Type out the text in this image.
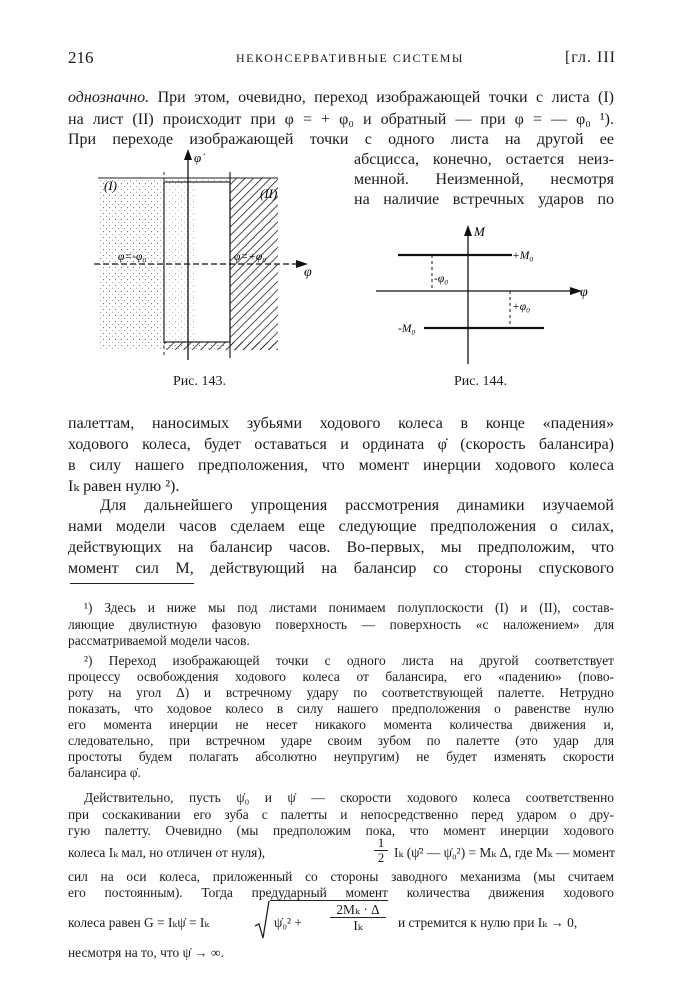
216	НЕКОНСЕРВАТИВНЫЕ СИСТЕМЫ	[гл. III
однозначно. При этом, очевидно, переход изображающей точки с листа (I)
на лист (II) происходит при φ = + φ₀ и обратный — при φ = — φ₀ ¹).
При переходе изображающей точки с одного листа на другой ее
абсцисса, конечно, остается неиз-
менной. Неизменной, несмотря
на наличие встречных ударов по
φ̇
(I)
(II)
φ=-φ₀	φ=+φ₀
φ
Рис. 143.
M
+M₀
-M₀
-φ₀
+φ₀
φ
Рис. 144.
палеттам, наносимых зубьями ходового колеса в конце «падения»
ходового колеса, будет оставаться и ордината φ̇ (скорость балансира)
в силу нашего предположения, что момент инерции ходового колеса
Iₖ равен нулю ²).
Для дальнейшего упрощения рассмотрения динамики изучаемой
нами модели часов сделаем еще следующие предположения о силах,
действующих на балансир часов. Во-первых, мы предположим, что
момент сил M, действующий на балансир со стороны спускового
¹) Здесь и ниже мы под листами понимаем полуплоскости (I) и (II), состав-
ляющие двулистную фазовую поверхность — поверхность «с наложением» для
рассматриваемой модели часов.
²) Переход изображающей точки с одного листа на другой соответствует
процессу освобождения ходового колеса от балансира, его «падению» (пово-
роту на угол Δ) и встречному удару по соответствующей палетте. Нетрудно
показать, что ходовое колесо в силу нашего предположения о равенстве нулю
его момента инерции не несет никакого момента количества движения и,
следовательно, при встречном ударе своим зубом по палетте (это удар для
простоты будем полагать абсолютно неупругим) не будет изменять скорости
балансира φ̇.
Действительно, пусть ψ̇₀ и ψ̇ — скорости ходового колеса соответственно
при соскакивании его зуба с палетты и непосредственно перед ударом о дру-
гую палетту. Очевидно (мы предположим пока, что момент инерции ходового
колеса Iₖ мал, но отличен от нуля),
1
2 Iₖ (ψ̇² — ψ̇₀²) = Mₖ Δ, где Mₖ — момент
сил на оси колеса, приложенный со стороны заводного механизма (мы считаем
его постоянным). Тогда предударный момент количества движения ходового
колеса равен G = Iₖψ̇ = Iₖ	ψ̇₀² +
2Mₖ · Δ
Iₖ	и стремится к нулю при Iₖ → 0,
несмотря на то, что ψ̇ → ∞.
